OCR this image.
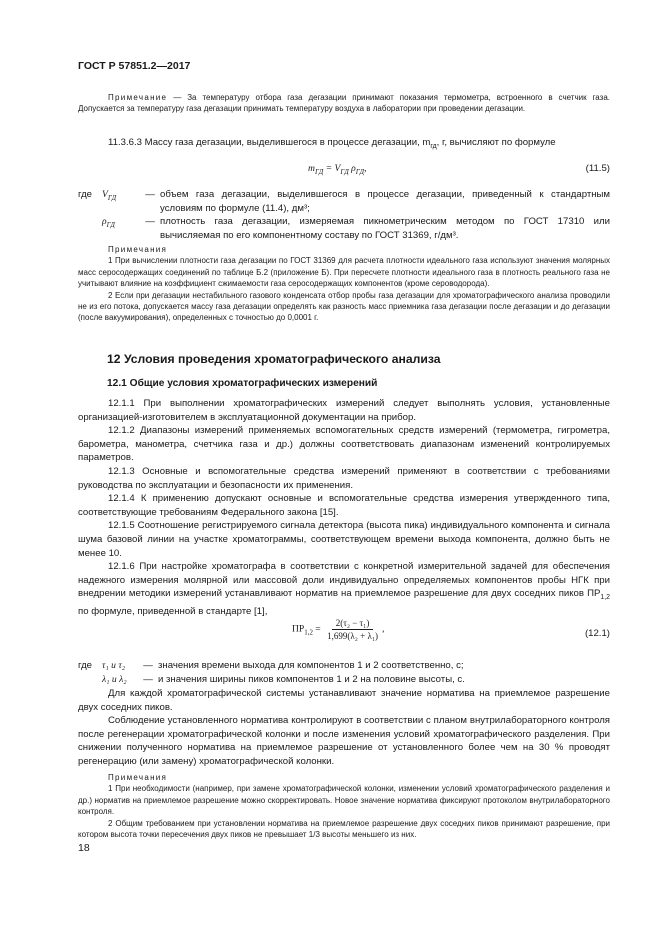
ГОСТ Р 57851.2—2017
Примечание — За температуру отбора газа дегазации принимают показания термометра, встроенного в счетчик газа. Допускается за температуру газа дегазации принимать температуру воздуха в лаборатории при проведении дегазации.
11.3.6.3 Массу газа дегазации, выделившегося в процессе дегазации, $m_{гд}$, г, вычисляют по формуле
$m_{ГД} = V_{ГД}$ $\rho_{ГД}$,	(11.5)
где	$V_{ГД}$	— объем газа дегазации, выделившегося в процессе дегазации, приведенный к стандартным условиям по формуле (11.4), дм³;
$\rho_{ГД}$	— плотность газа дегазации, измеряемая пикнометрическим методом по ГОСТ 17310 или вычисляемая по его компонентному составу по ГОСТ 31369, г/дм³.
Примечания
1 При вычислении плотности газа дегазации по ГОСТ 31369 для расчета плотности идеального газа используют значения молярных масс серосодержащих соединений по таблице Б.2 (приложение Б). При пересчете плотности идеального газа в плотность реального газа не учитывают влияние на коэффициент сжимаемости газа серосодержащих компонентов (кроме сероводорода).
2 Если при дегазации нестабильного газового конденсата отбор пробы газа дегазации для хроматографического анализа проводили не из его потока, допускается массу газа дегазации определять как разность масс приемника газа дегазации после дегазации и до дегазации (после вакуумирования), определенных с точностью до 0,0001 г.
12 Условия проведения хроматографического анализа
12.1 Общие условия хроматографических измерений
12.1.1 При выполнении хроматографических измерений следует выполнять условия, установленные организацией-изготовителем в эксплуатационной документации на прибор.
12.1.2 Диапазоны измерений применяемых вспомогательных средств измерений (термометра, гигрометра, барометра, манометра, счетчика газа и др.) должны соответствовать диапазонам изменений контролируемых параметров.
12.1.3 Основные и вспомогательные средства измерений применяют в соответствии с требованиями руководства по эксплуатации и безопасности их применения.
12.1.4 К применению допускают основные и вспомогательные средства измерения утвержденного типа, соответствующие требованиям Федерального закона [15].
12.1.5 Соотношение регистрируемого сигнала детектора (высота пика) индивидуального компонента и сигнала шума базовой линии на участке хроматограммы, соответствующем времени выхода компонента, должно быть не менее 10.
12.1.6 При настройке хроматографа в соответствии с конкретной измерительной задачей для обеспечения надежного измерения молярной или массовой доли индивидуально определяемых компонентов пробы НГК при внедрении методики измерений устанавливают норматив на приемлемое разрешение для двух соседних пиков $ПР_{1,2}$ по формуле, приведенной в стандарте [1],
$ПР_{1,2} = \frac{\text{2(τ₂ − τ₁)}}{\text{1,699(λ₂ + λ₁)}}$ ,	(12.1)
где	τ₁ и τ₂	— значения времени выхода для компонентов 1 и 2 соответственно, с;
λ₁ и λ₂	— и значения ширины пиков компонентов 1 и 2 на половине высоты, с.
Для каждой хроматографической системы устанавливают значение норматива на приемлемое разрешение двух соседних пиков.
Соблюдение установленного норматива контролируют в соответствии с планом внутрилабораторного контроля после регенерации хроматографической колонки и после изменения условий хроматографического разделения. При снижении полученного норматива на приемлемое разрешение от установленного более чем на 30 % проводят регенерацию (или замену) хроматографической колонки.
Примечания
1 При необходимости (например, при замене хроматографической колонки, изменении условий хроматографического разделения и др.) норматив на приемлемое разрешение можно скорректировать. Новое значение норматива фиксируют протоколом внутрилабораторного контроля.
2 Общим требованием при установлении норматива на приемлемое разрешение двух соседних пиков принимают разрешение, при котором высота точки пересечения двух пиков не превышает 1/3 высоты меньшего из них.
18
